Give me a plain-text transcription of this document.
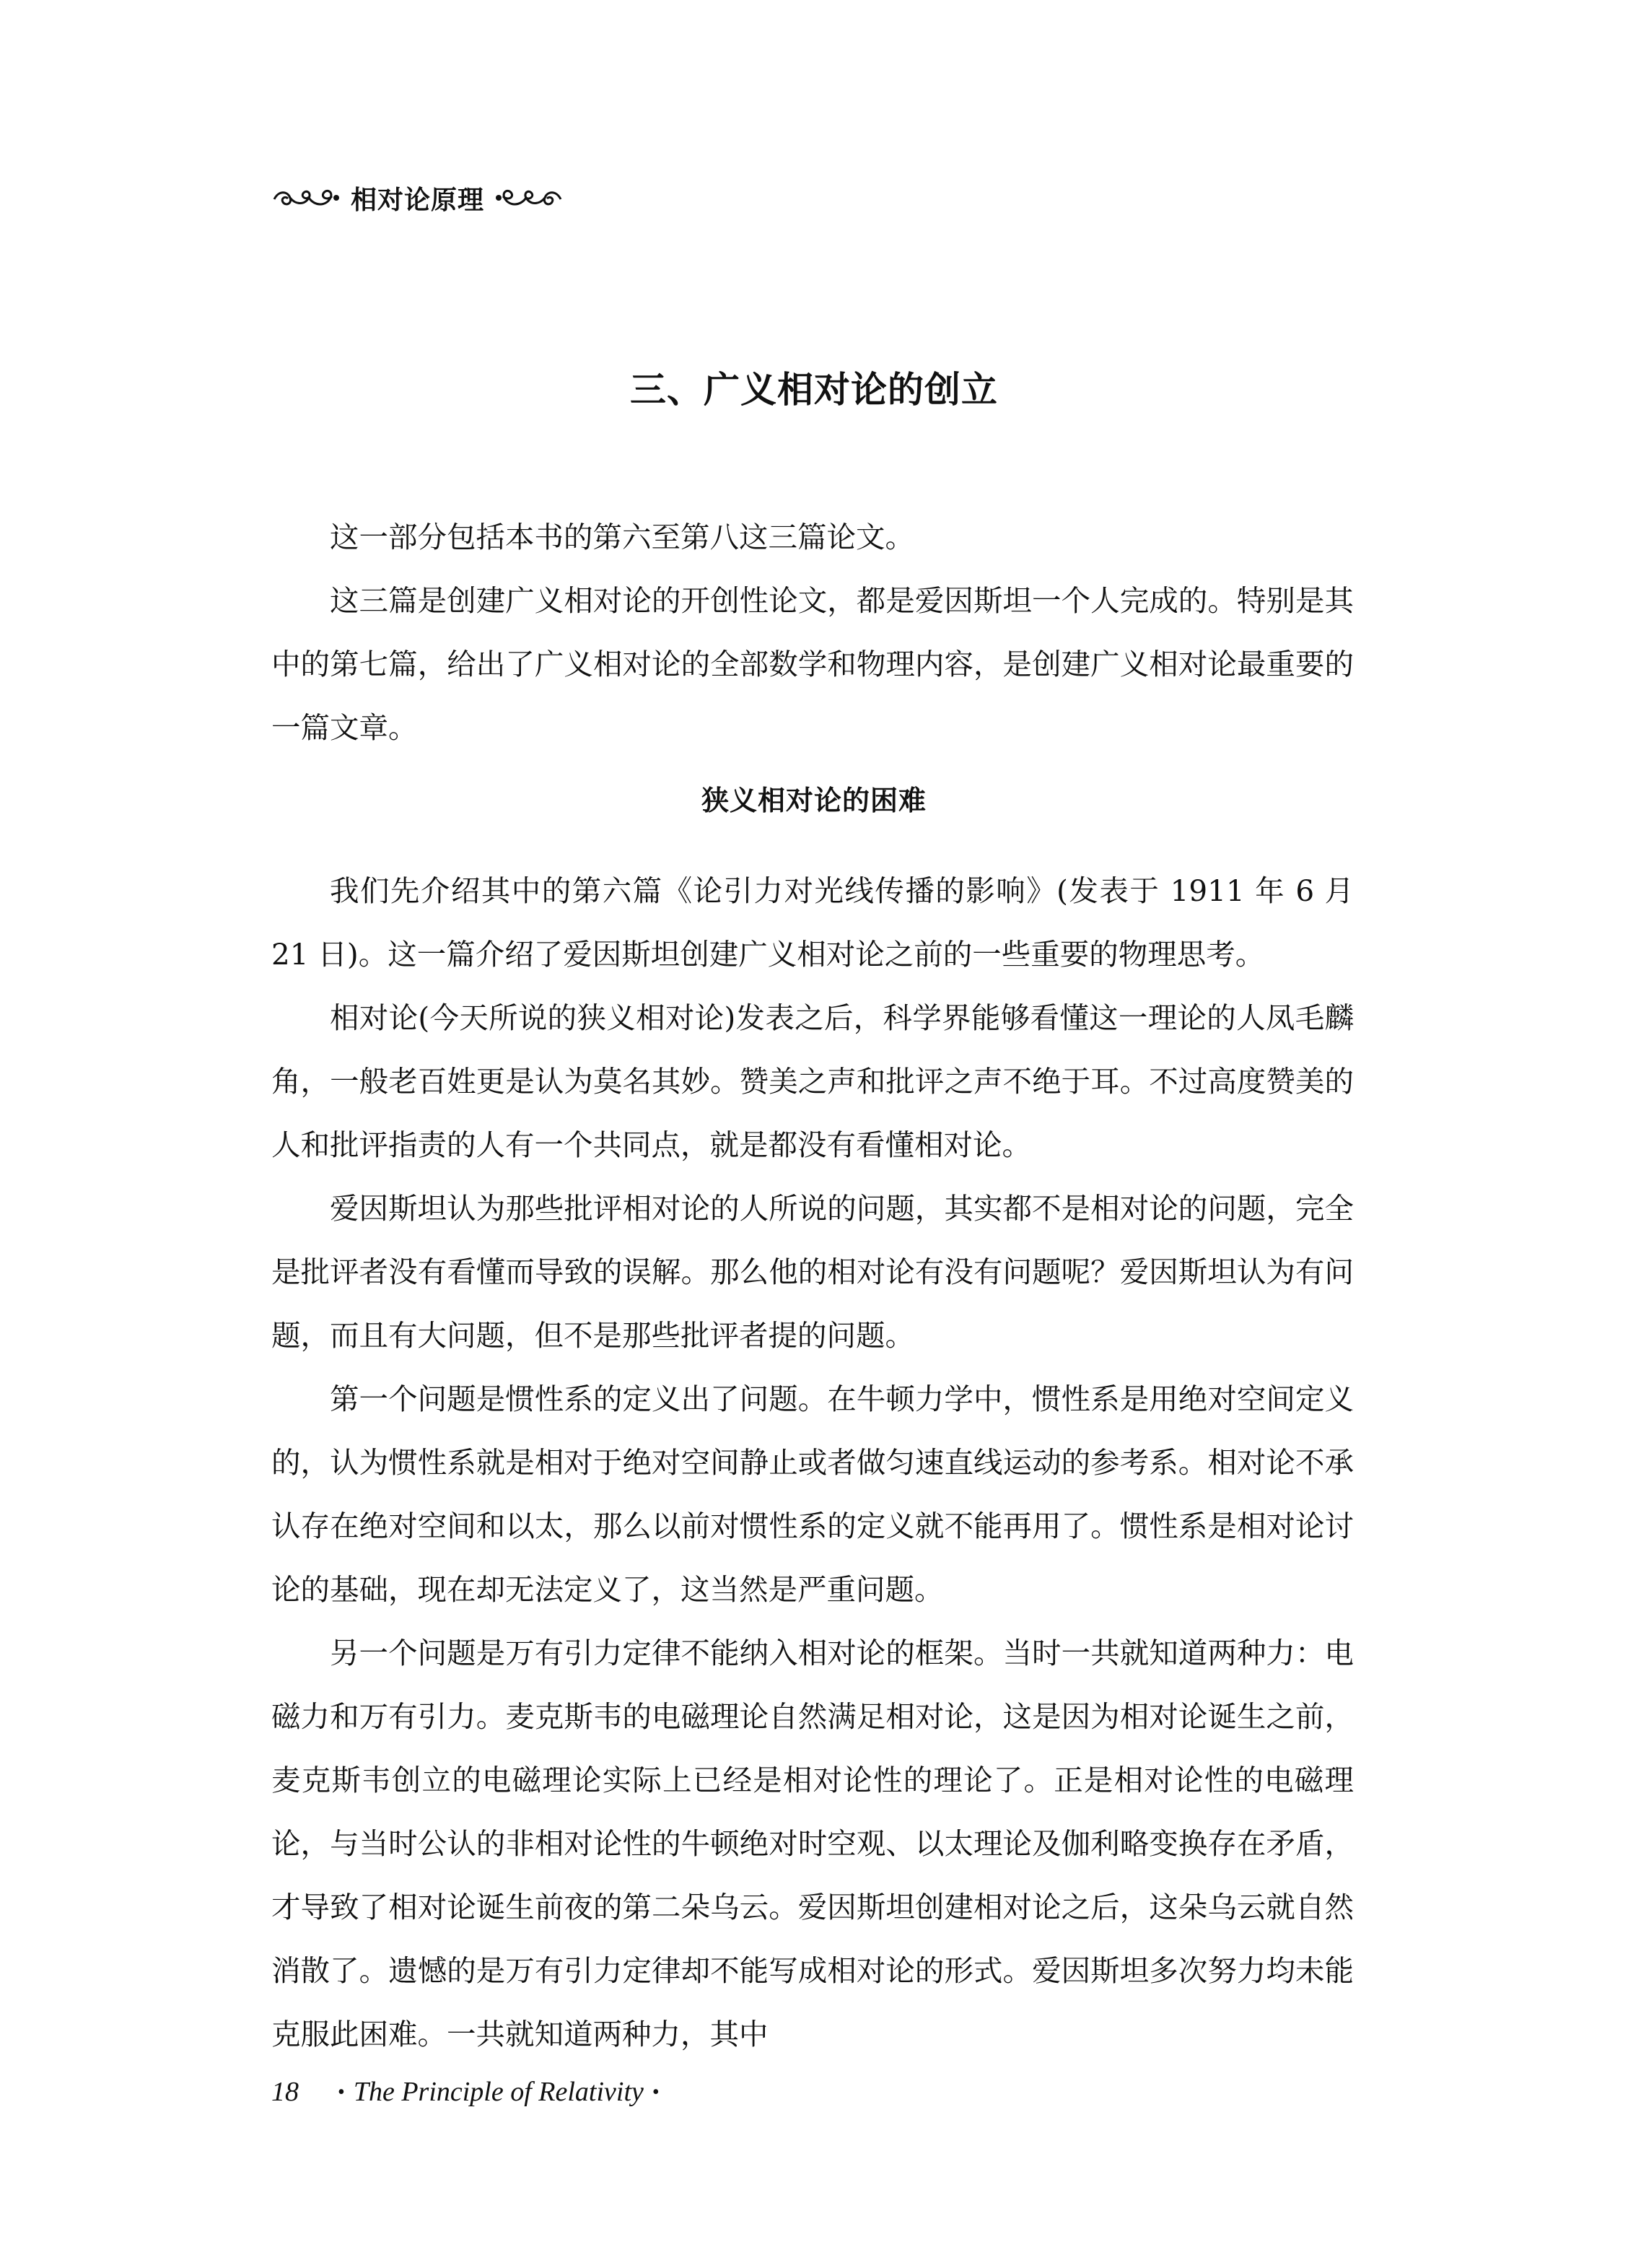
相对论原理
三、广义相对论的创立

这一部分包括本书的第六至第八这三篇论文。

这三篇是创建广义相对论的开创性论文，都是爱因斯坦一个人完成的。特别是其中的第七篇，给出了广义相对论的全部数学和物理内容，是创建广义相对论最重要的一篇文章。

狭义相对论的困难

我们先介绍其中的第六篇《论引力对光线传播的影响》(发表于 1911 年 6 月 21 日)。这一篇介绍了爱因斯坦创建广义相对论之前的一些重要的物理思考。

相对论(今天所说的狭义相对论)发表之后，科学界能够看懂这一理论的人凤毛麟角，一般老百姓更是认为莫名其妙。赞美之声和批评之声不绝于耳。不过高度赞美的人和批评指责的人有一个共同点，就是都没有看懂相对论。

爱因斯坦认为那些批评相对论的人所说的问题，其实都不是相对论的问题，完全是批评者没有看懂而导致的误解。那么他的相对论有没有问题呢？爱因斯坦认为有问题，而且有大问题，但不是那些批评者提的问题。

第一个问题是惯性系的定义出了问题。在牛顿力学中，惯性系是用绝对空间定义的，认为惯性系就是相对于绝对空间静止或者做匀速直线运动的参考系。相对论不承认存在绝对空间和以太，那么以前对惯性系的定义就不能再用了。惯性系是相对论讨论的基础，现在却无法定义了，这当然是严重问题。

另一个问题是万有引力定律不能纳入相对论的框架。当时一共就知道两种力：电磁力和万有引力。麦克斯韦的电磁理论自然满足相对论，这是因为相对论诞生之前，麦克斯韦创立的电磁理论实际上已经是相对论性的理论了。正是相对论性的电磁理论，与当时公认的非相对论性的牛顿绝对时空观、以太理论及伽利略变换存在矛盾，才导致了相对论诞生前夜的第二朵乌云。爱因斯坦创建相对论之后，这朵乌云就自然消散了。遗憾的是万有引力定律却不能写成相对论的形式。爱因斯坦多次努力均未能克服此困难。一共就知道两种力，其中

18 • The Principle of Relativity •
